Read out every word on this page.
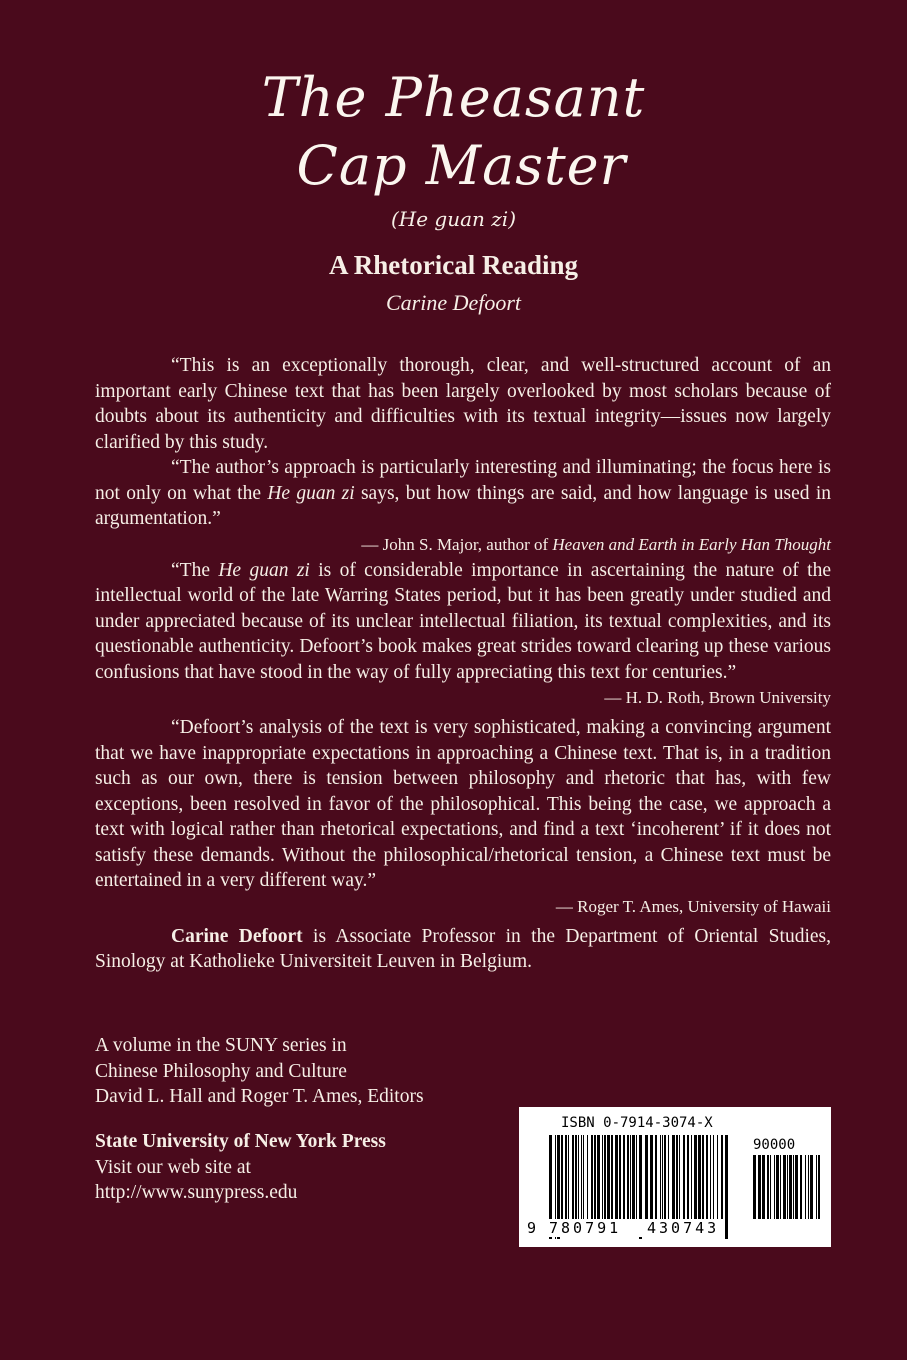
The Pheasant
Cap Master
(He guan zi)
A Rhetorical Reading
Carine Defoort

“This is an exceptionally thorough, clear, and well-structured account of an important early Chinese text that has been largely overlooked by most scholars because of doubts about its authenticity and difficulties with its textual integrity—issues now largely clarified by this study.

“The author’s approach is particularly interesting and illuminating; the focus here is not only on what the He guan zi says, but how things are said, and how language is used in argumentation.”

— John S. Major, author of Heaven and Earth in Early Han Thought

“The He guan zi is of considerable importance in ascertaining the nature of the intellectual world of the late Warring States period, but it has been greatly under studied and under appreciated because of its unclear intellectual filiation, its textual complexities, and its questionable authenticity. Defoort’s book makes great strides toward clearing up these various confusions that have stood in the way of fully appreciating this text for centuries.”

— H. D. Roth, Brown University

“Defoort’s analysis of the text is very sophisticated, making a convincing argument that we have inappropriate expectations in approaching a Chinese text. That is, in a tradition such as our own, there is tension between philosophy and rhetoric that has, with few exceptions, been resolved in favor of the philosophical. This being the case, we approach a text with logical rather than rhetorical expectations, and find a text ‘incoherent’ if it does not satisfy these demands. Without the philosophical/rhetorical tension, a Chinese text must be entertained in a very different way.”

— Roger T. Ames, University of Hawaii

Carine Defoort is Associate Professor in the Department of Oriental Studies, Sinology at Katholieke Universiteit Leuven in Belgium.

A volume in the SUNY series in
Chinese Philosophy and Culture
David L. Hall and Roger T. Ames, Editors
State University of New York Press
Visit our web site at
http://www.sunypress.edu
ISBN 0-7914-3074-X
90000
9 780791 430743
